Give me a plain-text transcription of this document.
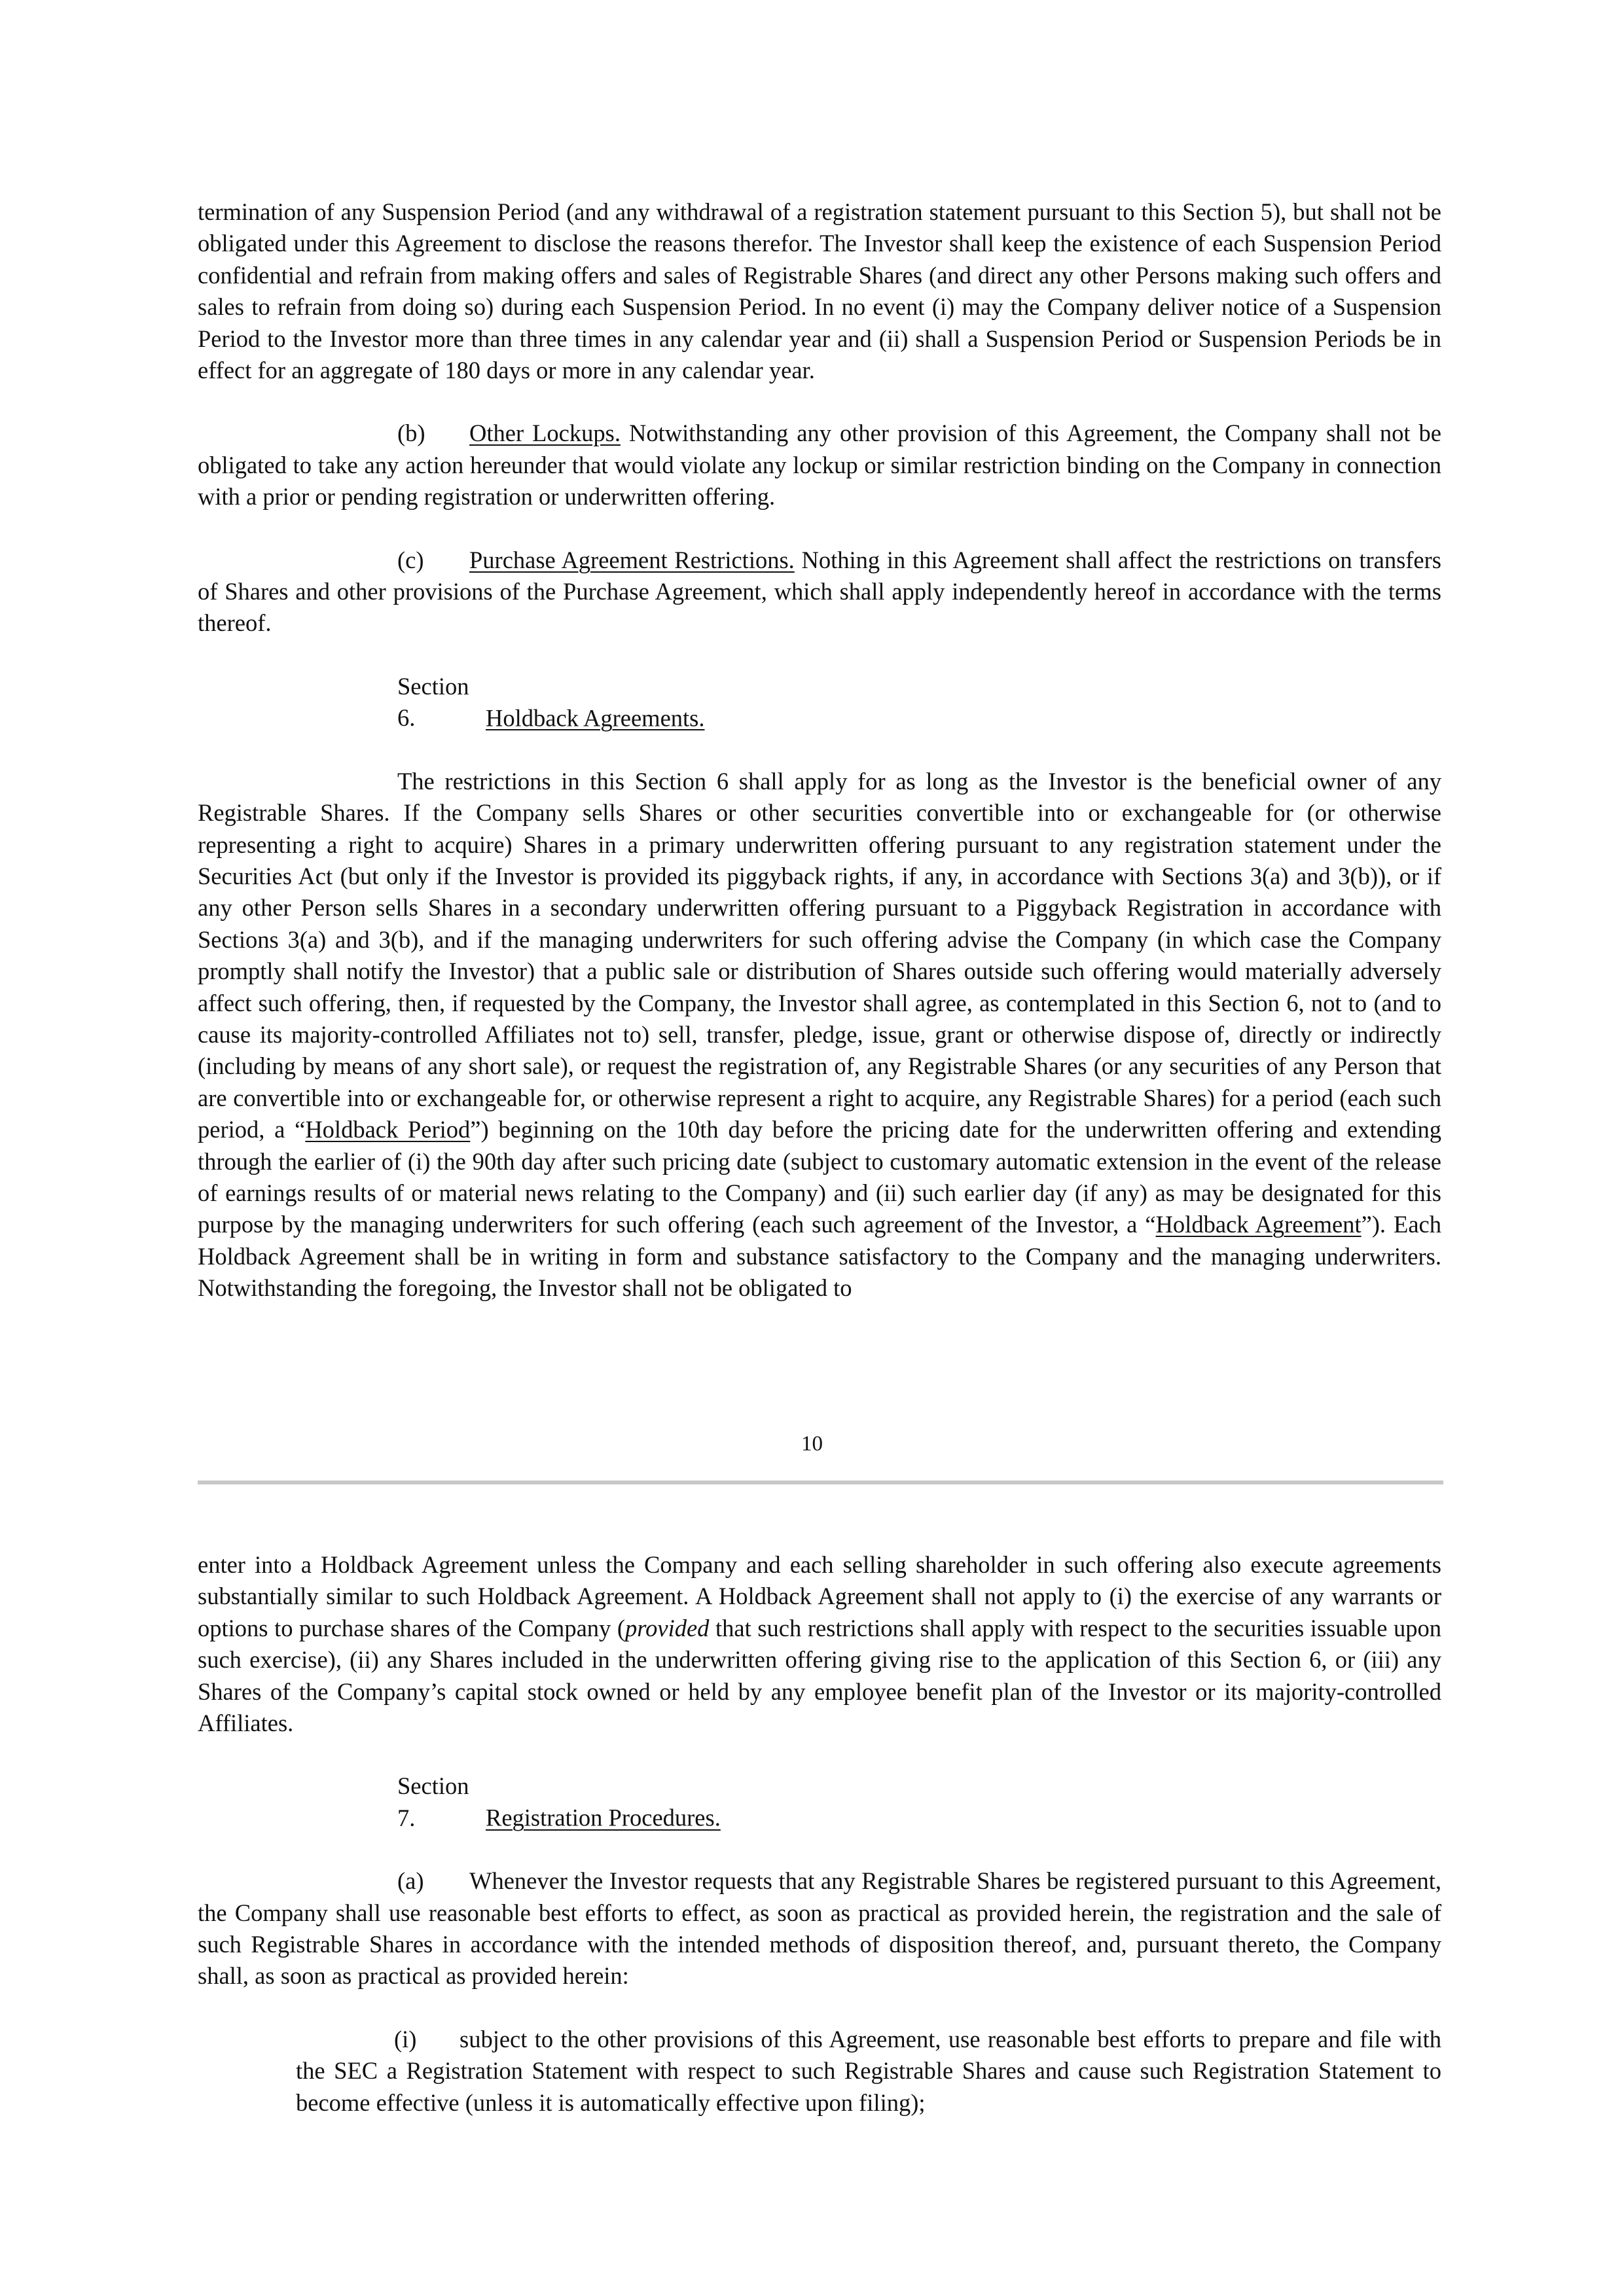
termination of any Suspension Period (and any withdrawal of a registration statement pursuant to this Section 5), but shall not be obligated under this Agreement to disclose the reasons therefor. The Investor shall keep the existence of each Suspension Period confidential and refrain from making offers and sales of Registrable Shares (and direct any other Persons making such offers and sales to refrain from doing so) during each Suspension Period. In no event (i) may the Company deliver notice of a Suspension Period to the Investor more than three times in any calendar year and (ii) shall a Suspension Period or Suspension Periods be in effect for an aggregate of 180 days or more in any calendar year.

(b) Other Lockups. Notwithstanding any other provision of this Agreement, the Company shall not be obligated to take any action hereunder that would violate any lockup or similar restriction binding on the Company in connection with a prior or pending registration or underwritten offering.

(c) Purchase Agreement Restrictions. Nothing in this Agreement shall affect the restrictions on transfers of Shares and other provisions of the Purchase Agreement, which shall apply independently hereof in accordance with the terms thereof.

Section 6.	Holdback Agreements.

The restrictions in this Section 6 shall apply for as long as the Investor is the beneficial owner of any Registrable Shares. If the Company sells Shares or other securities convertible into or exchangeable for (or otherwise representing a right to acquire) Shares in a primary underwritten offering pursuant to any registration statement under the Securities Act (but only if the Investor is provided its piggyback rights, if any, in accordance with Sections 3(a) and 3(b)), or if any other Person sells Shares in a secondary underwritten offering pursuant to a Piggyback Registration in accordance with Sections 3(a) and 3(b), and if the managing underwriters for such offering advise the Company (in which case the Company promptly shall notify the Investor) that a public sale or distribution of Shares outside such offering would materially adversely affect such offering, then, if requested by the Company, the Investor shall agree, as contemplated in this Section 6, not to (and to cause its majority-controlled Affiliates not to) sell, transfer, pledge, issue, grant or otherwise dispose of, directly or indirectly (including by means of any short sale), or request the registration of, any Registrable Shares (or any securities of any Person that are convertible into or exchangeable for, or otherwise represent a right to acquire, any Registrable Shares) for a period (each such period, a “Holdback Period”) beginning on the 10th day before the pricing date for the underwritten offering and extending through the earlier of (i) the 90th day after such pricing date (subject to customary automatic extension in the event of the release of earnings results of or material news relating to the Company) and (ii) such earlier day (if any) as may be designated for this purpose by the managing underwriters for such offering (each such agreement of the Investor, a “Holdback Agreement”). Each Holdback Agreement shall be in writing in form and substance satisfactory to the Company and the managing underwriters. Notwithstanding the foregoing, the Investor shall not be obligated to

10

enter into a Holdback Agreement unless the Company and each selling shareholder in such offering also execute agreements substantially similar to such Holdback Agreement. A Holdback Agreement shall not apply to (i) the exercise of any warrants or options to purchase shares of the Company (provided that such restrictions shall apply with respect to the securities issuable upon such exercise), (ii) any Shares included in the underwritten offering giving rise to the application of this Section 6, or (iii) any Shares of the Company’s capital stock owned or held by any employee benefit plan of the Investor or its majority-controlled Affiliates.

Section 7.	Registration Procedures.

(a) Whenever the Investor requests that any Registrable Shares be registered pursuant to this Agreement, the Company shall use reasonable best efforts to effect, as soon as practical as provided herein, the registration and the sale of such Registrable Shares in accordance with the intended methods of disposition thereof, and, pursuant thereto, the Company shall, as soon as practical as provided herein:

(i) subject to the other provisions of this Agreement, use reasonable best efforts to prepare and file with the SEC a Registration Statement with respect to such Registrable Shares and cause such Registration Statement to become effective (unless it is automatically effective upon filing);
